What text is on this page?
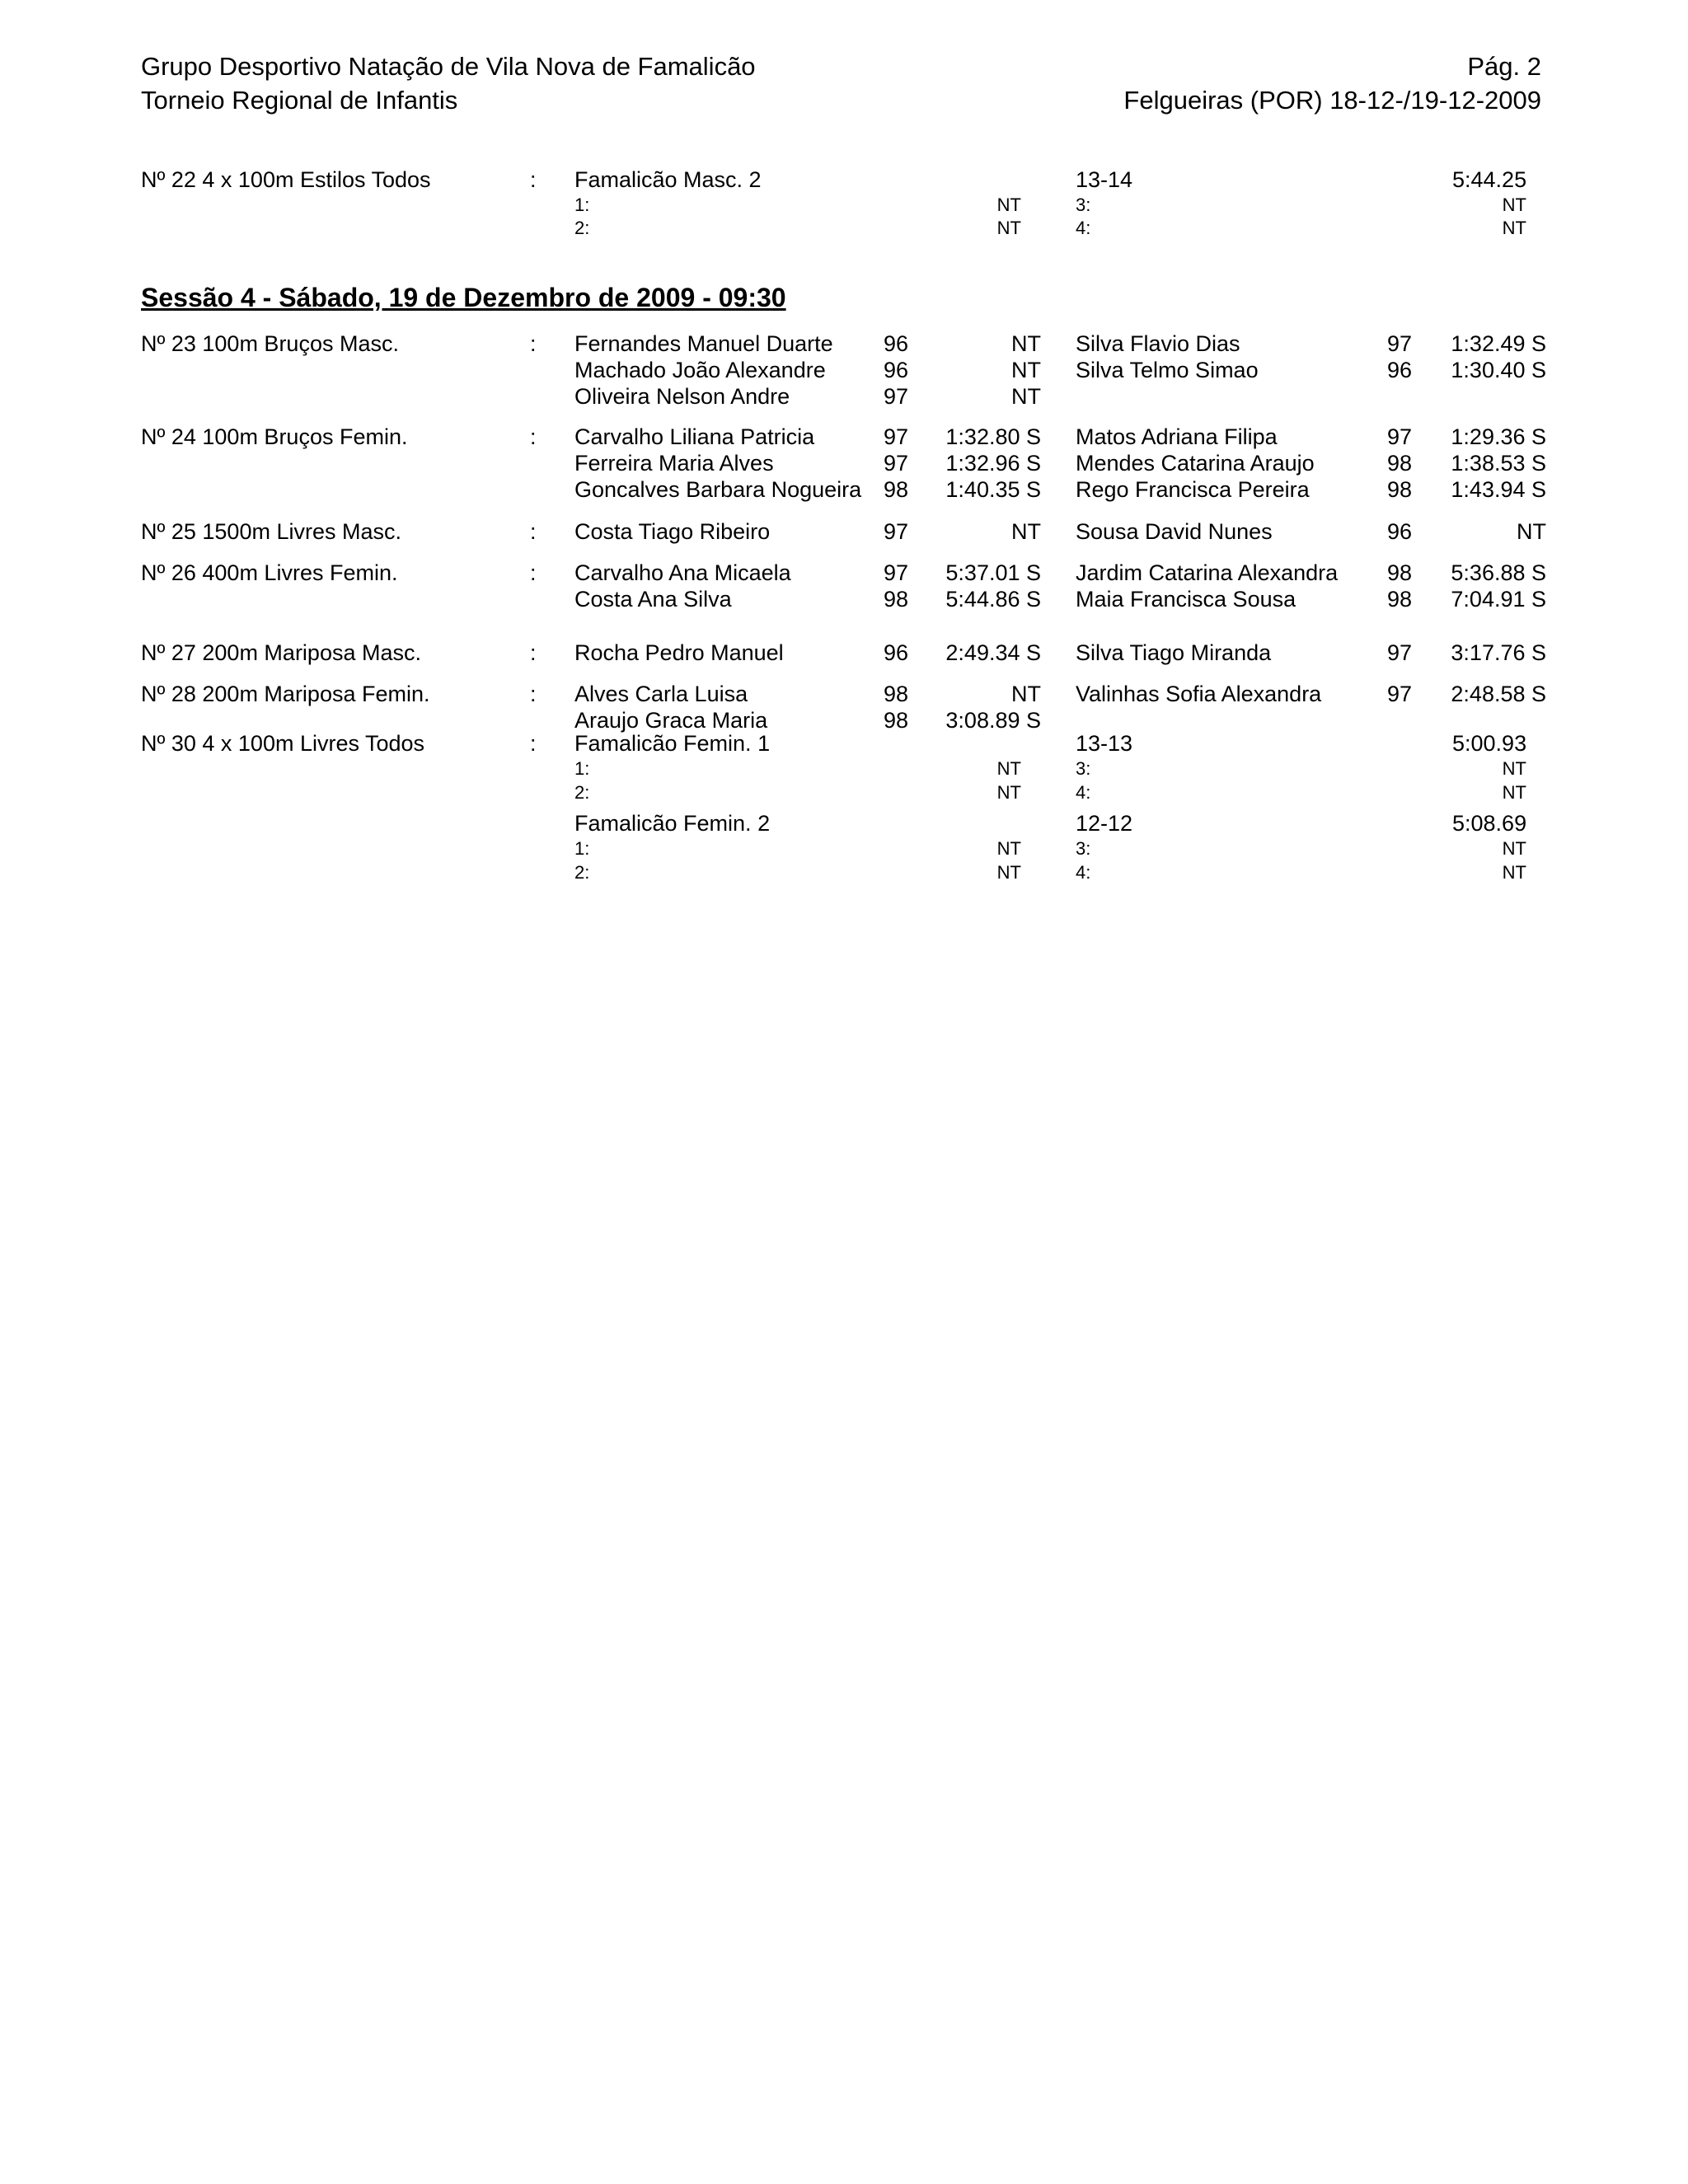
Grupo Desportivo Natação de Vila Nova de Famalicão
Torneio Regional de Infantis
Pág. 2
Felgueiras (POR) 18-12-/19-12-2009
Nº 22 4 x 100m Estilos Todos	: Famalicão Masc. 2	13-14	5:44.25
1:	NT	3:	NT
2:	NT	4:	NT
Sessão 4 - Sábado, 19 de Dezembro de 2009 - 09:30
Nº 23 100m Bruços Masc.	: Fernandes Manuel Duarte 96	NT Silva Flavio Dias	97 1:32.49 S
Machado João Alexandre	96	NT Silva Telmo Simao	96 1:30.40 S
Oliveira Nelson Andre	97	NT
Nº 24 100m Bruços Femin.	: Carvalho Liliana Patricia	97 1:32.80 S Matos Adriana Filipa	97 1:29.36 S
Ferreira Maria Alves	97 1:32.96 S Mendes Catarina Araujo	98 1:38.53 S
Goncalves Barbara Nogueira 98 1:40.35 S Rego Francisca Pereira	98 1:43.94 S
Nº 25 1500m Livres Masc.	: Costa Tiago Ribeiro	97	NT Sousa David Nunes	96	NT
Nº 26 400m Livres Femin.	: Carvalho Ana Micaela	97 5:37.01 S Jardim Catarina Alexandra 98 5:36.88 S
Costa Ana Silva	98 5:44.86 S Maia Francisca Sousa	98 7:04.91 S
Nº 27 200m Mariposa Masc.	: Rocha Pedro Manuel	96 2:49.34 S Silva Tiago Miranda	97 3:17.76 S
Nº 28 200m Mariposa Femin.	: Alves Carla Luisa	98	NT Valinhas Sofia Alexandra	97 2:48.58 S
Araujo Graca Maria	98 3:08.89 S
Nº 30 4 x 100m Livres Todos	: Famalicão Femin. 1	13-13	5:00.93
1:	NT	3:	NT
2:	NT	4:	NT
Famalicão Femin. 2	12-12	5:08.69
1:	NT	3:	NT
2:	NT	4:	NT
